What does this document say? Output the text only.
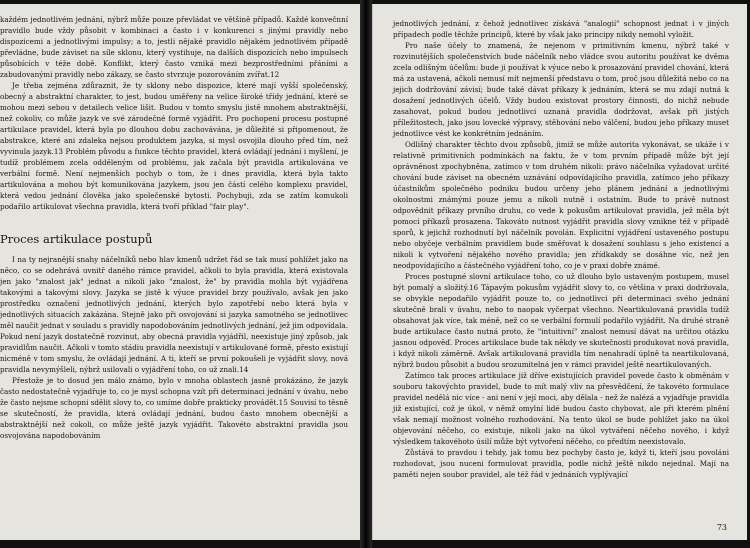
každém jednotlivém jednání, nýbrž může pouze převládat ve většině případů. Každé konvečnní pravidlo bude vždy působit v kombinaci a často i v konkurenci s jinými pravidly nebo dispozicemi a jednotlivými impulsy; a to, jestli nějaké pravidlo nějakém jednotlivém případě převládne, bude záviset na síle sklonu, který vystihuje, na dalších dispozicích nebo impulsech působících v téže době. Konflikt, který často vzniká mezi bezprostředními přáními a zabudovanými pravidly nebo zákazy, se často stvrzuje pozorováním zvířat.12

Je třeba zejména zdůraznit, že ty sklony nebo dispozice, které mají vyšší společenský, obecný a abstraktní charakter, to jest, budou uměřeny na velice široké třídy jednání, které se mohou mezi sebou v detailech velice lišit. Budou v tomto smyslu jistě mnohem abstraktnější, než cokoliv, co může jazyk ve své zárodečné formě vyjádřit. Pro pochopení procesu postupné artikulace pravidel, která byla po dlouhou dobu zachovávána, je důležité si připomenout, že abstrakce, které ani zdaleka nejsou produktem jazyka, si mysl osvojila dlouho před tím, než vyvinula jazyk.13 Problém původu a funkce těchto pravidel, která ovládají jednání i myšlení, je tudíž problémem zcela odděleným od problému, jak začala být pravidla artikulována ve verbální formě. Není nejmenších pochyb o tom, že i dnes pravidla, která byla takto artikulována a mohou být komunikována jazykem, jsou jen částí celého komplexu pravidel, která vedou jednání člověka jako společenské bytosti. Pochybuji, zda se zatím komukoli podařilo artikulovat všechna pravidla, která tvoří příklad "fair play".

Proces artikulace postupů

I na ty nejranější snahy náčelníků nebo hlav kmenů udržet řád se tak musí pohlížet jako na něco, co se odehrává uvnitř daného rámce pravidel, ačkoli to byla pravidla, která existovala jen jako "znalost jak" jednat a nikoli jako "znalost, že" by pravidla mohla být vyjádřena takovými a takovými slovy. Jazyka se jistě k výuce pravidel brzy používalo, avšak jen jako prostředku označení jednotlivých jednání, kterých bylo zapotřebí nebo která byla v jednotlivých situacích zakázána. Stejně jako při osvojování si jazyka samotného se jednotlivec měl naučit jednat v souladu s pravidly napodobováním jednotlivých jednání, jež jim odpovídala. Pokud není jazyk dostatečně rozvinut, aby obecná pravidla vyjádřil, neexistuje jiný způsob, jak pravidlům naučit. Ačkoli v tomto stádiu pravidla neexistují v artikulované formě, přesto existují nicméně v tom smyslu, že ovládají jednání. A ti, kteří se první pokoušeli je vyjádřit slovy, nová pravidla nevymýšleli, nýbrž usilovali o vyjádření toho, co už znali.14

Přestože je to dosud jen málo známo, bylo v mnoha oblastech jasně prokázáno, že jazyk často nedostatečně vyjadřuje to, co je mysl schopna vzít při determinaci jednání v úvahu, nebo že často nejsme schopni sdělit slovy to, co umíme dobře prakticky provádět.15 Souvisí to těsně se skutečností, že pravidla, která ovládají jednání, budou často mnohem obecnější a abstraktnější než cokoli, co může ještě jazyk vyjádřit. Takovéto abstraktní pravidla jsou osvojována napodobováním

jednotlivých jednání, z čehož jednotlivec získává "analogií" schopnost jednat i v jiných případech podle těchže principů, které by však jako principy nikdy nemohl vyložit.

Pro naše účely to znamená, že nejenom v primitivním kmenu, nýbrž také v rozvinutějších společenstvích bude náčelník nebo vládce svou autoritu používat ke dvěma zcela odlišným účelům: bude ji používat k výuce nebo k prosazování pravidel chování, která má za ustavená, ačkoli nemusí mít nejmenší představu o tom, proč jsou důležitá nebo co na jejich dodržování závisí; bude také dávat příkazy k jednáním, která se mu zdají nutná k dosažení jednotlivých účelů. Vždy budou existovat prostory činnosti, do nichž nebude zasahovat, pokud budou jednotlivci uznaná pravidla dodržovat, avšak při jistých příležitostech, jako jsou lovecké výpravy, stěhování nebo válčení, budou jeho příkazy muset jednotlivce vést ke konkrétním jednáním.

Odlišný charakter těchto dvou způsobů, jimiž se může autorita vykonávat, se ukáže i v relativně primitivních podmínkách na faktu, že v tom prvním případě může být její oprávněnost zpochybněna, zatímco v tom druhém nikoli: právo náčelníka vyžadovat určité chování bude záviset na obecném uznávání odpovídajícího pravidla, zatímco jeho příkazy účastníkům společného podniku budou určeny jeho plánem jednání a jednotlivými okolnostmi známými pouze jemu a nikoli nutně i ostatním. Bude to právě nutnost odpovědnit příkazy prvního druhu, co vede k pokusům artikulovat pravidla, jež měla být pomocí příkazů prosazena. Takováto nutnost vyjádřit pravidla slovy vznikne též v případě sporů, k jejichž rozhodnutí byl náčelník povolán. Explicitní vyjádření ustaveného postupu nebo obyčeje verbálním pravidlem bude směřovat k dosažení souhlasu s jeho existencí a nikoli k vytvoření nějakého nového pravidla; jen zřídkakdy se dosáhne víc, než jen neodpovídajícího a částečného vyjádření toho, co je v praxi dobře známé.

Proces postupné slovní artikulace toho, co už dlouho bylo ustaveným postupem, musel být pomalý a složitý.16 Tápavým pokusům vyjádřit slovy to, co většina v praxi dodržovala, se obvykle nepodařilo vyjádřit pouze to, co jednotlivci při determinaci svého jednání skutečně brali v úvahu, nebo to naopak vyčerpat všechno. Neartikulovaná pravidla tudíž obsahovat jak více, tak méně, než co se verbální formulí podařilo vyjádřit. Na druhé straně bude artikulace často nutná proto, že "intuitivní" znalost nemusí dávat na určitou otázku jasnou odpověď. Proces artikulace bude tak někdy ve skutečnosti produkovat nová pravidla, i když nikoli záměrně. Avšak artikulovaná pravidla tím nenahradí úplně ta neartikulovaná, nýbrž budou působit a budou srozumitelná jen v rámci pravidel ještě neartikulovaných.

Zatímco tak proces artikulace již dříve existujících pravidel povede často k obměnám v souboru takovýchto pravidel, bude to mít malý vliv na přesvědčení, že takovéto formulace pravidel nedělá nic více - ani není v její moci, aby dělala - než že nalézá a vyjadřuje pravidla již existující, což je úkol, v němž omylní lidé budou často chybovat, ale při kterém plnění však nemají možnost volného rozhodování. Na tento úkol se bude pohlížet jako na úkol objevování něčeho, co existuje, nikoli jako na úkol vytváření něčeho nového, i když výsledkem takovéhoto úsilí může být vytvoření něčeho, co předtím neexistovalo.

Zůstává to pravdou i tehdy, jak tomu bez pochyby často je, když ti, kteří jsou povoláni rozhodovat, jsou nuceni formulovat pravidla, podle nichž ještě nikdo nejednal. Mají na paměti nejen soubor pravidel, ale též řád v jednáních vyplývající

73
